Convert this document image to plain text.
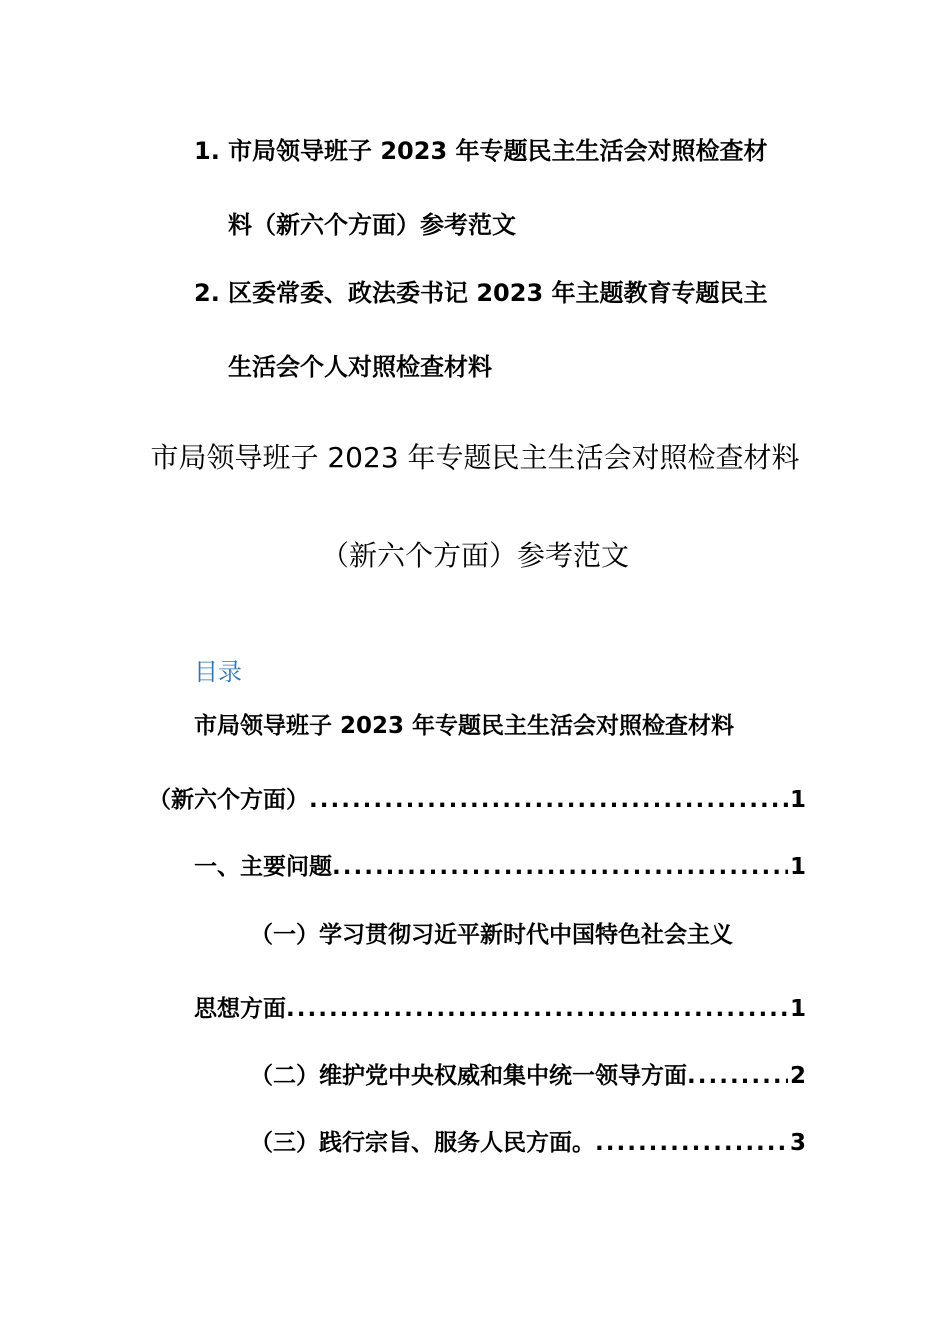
1. 市局领导班子 2023 年专题民主生活会对照检查材
料（新六个方面）参考范文
2. 区委常委、政法委书记 2023 年主题教育专题民主
生活会个人对照检查材料
市局领导班子 2023 年专题民主生活会对照检查材料
（新六个方面）参考范文
目录
市局领导班子 2023 年专题民主生活会对照检查材料
（新六个方面） .....	1
一、主要问题 .....	1
（一）学习贯彻习近平新时代中国特色社会主义
思想方面 .....	1
（二）维护党中央权威和集中统一领导方面 .....	2
（三）践行宗旨、服务人民方面。 .....	3
